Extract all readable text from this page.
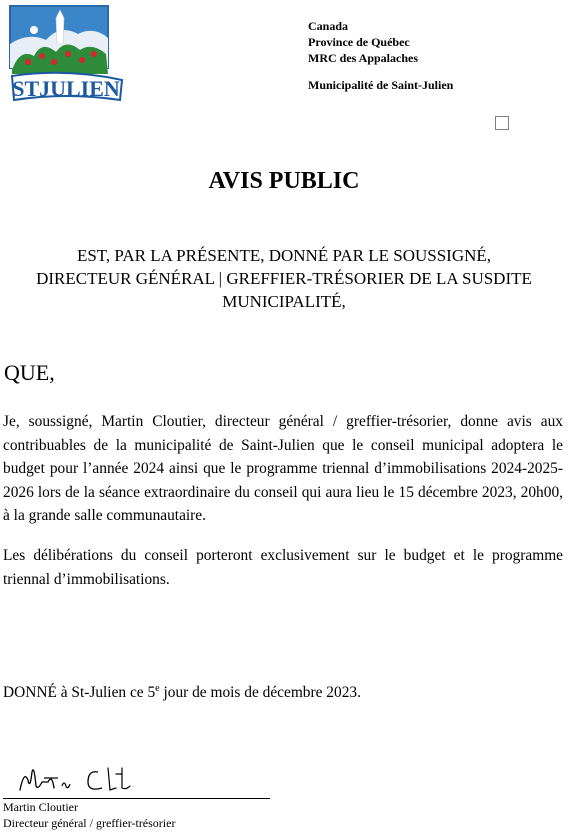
STJULIEN
Canada
Province de Québec
MRC des Appalaches
Municipalité de Saint-Julien
AVIS PUBLIC

EST, PAR LA PRÉSENTE, DONNÉ PAR LE SOUSSIGNÉ, DIRECTEUR GÉNÉRAL | GREFFIER-TRÉSORIER DE LA SUSDITE MUNICIPALITÉ,

QUE,

Je, soussigné, Martin Cloutier, directeur général / greffier-trésorier, donne avis aux contribuables de la municipalité de Saint-Julien que le conseil municipal adoptera le budget pour l’année 2024 ainsi que le programme triennal d’immobilisations 2024-2025-2026 lors de la séance extraordinaire du conseil qui aura lieu le 15 décembre 2023, 20h00, à la grande salle communautaire.

Les délibérations du conseil porteront exclusivement sur le budget et le programme triennal d’immobilisations.

DONNÉ à St-Julien ce 5e jour de mois de décembre 2023.

Martin Cloutier

Directeur général / greffier-trésorier
